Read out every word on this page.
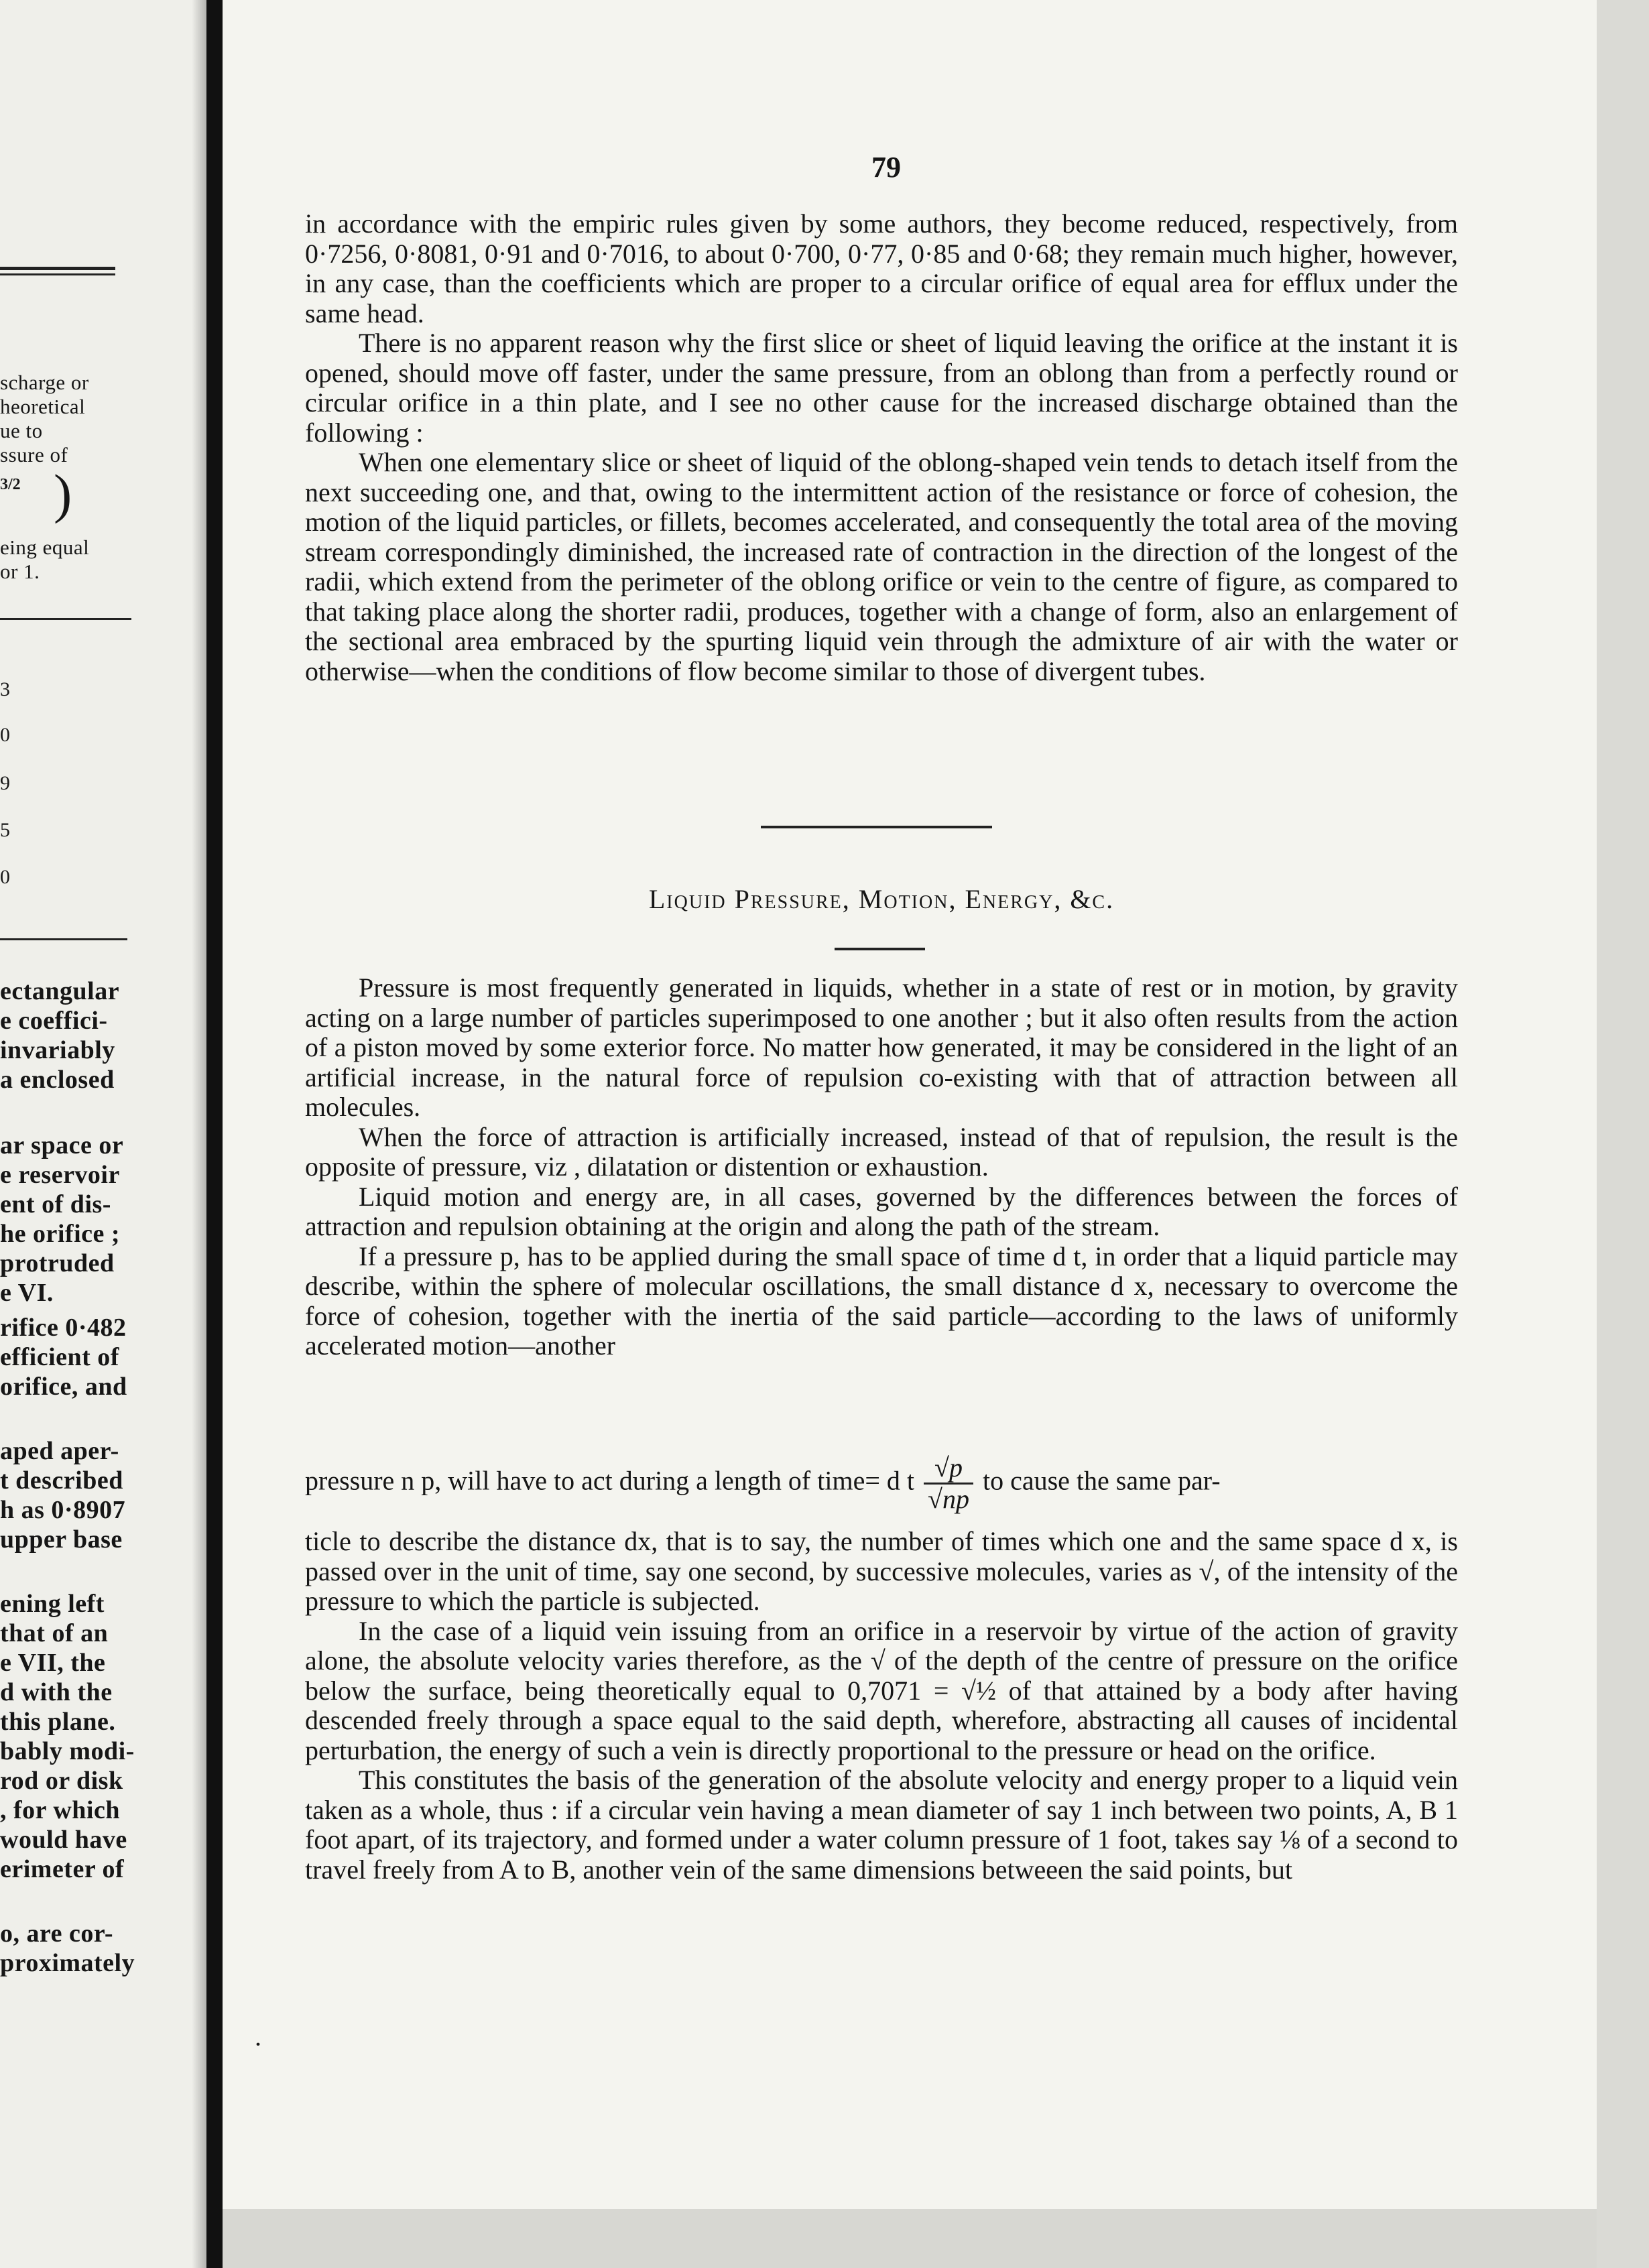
scharge or
heoretical
ue to
ssure of
3/2 )
eing equal
or 1.
3
0
9
5
0
ectangular
e coeffici-
invariably
a enclosed
ar space or
e reservoir
ent of dis-
he orifice ;
protruded
e VI.
rifice 0·482
efficient of
orifice, and
aped aper-
t described
h as 0·8907
upper base
ening left
that of an
e VII, the
d with the
this plane.
bably modi-
rod or disk
, for which
would have
erimeter of
o, are cor-
proximately
79

in accordance with the empiric rules given by some authors, they become reduced, respectively, from 0·7256, 0·8081, 0·91 and 0·7016, to about 0·700, 0·77, 0·85 and 0·68; they remain much higher, however, in any case, than the coefficients which are proper to a circular orifice of equal area for efflux under the same head.

There is no apparent reason why the first slice or sheet of liquid leaving the orifice at the instant it is opened, should move off faster, under the same pressure, from an oblong than from a perfectly round or circular orifice in a thin plate, and I see no other cause for the increased discharge obtained than the following :

When one elementary slice or sheet of liquid of the oblong-shaped vein tends to detach itself from the next succeeding one, and that, owing to the intermittent action of the resistance or force of cohesion, the motion of the liquid particles, or fillets, becomes accelerated, and consequently the total area of the moving stream correspondingly diminished, the increased rate of contraction in the direction of the longest of the radii, which extend from the perimeter of the oblong orifice or vein to the centre of figure, as compared to that taking place along the shorter radii, produces, together with a change of form, also an enlargement of the sectional area embraced by the spurting liquid vein through the admixture of air with the water or otherwise—when the conditions of flow become similar to those of divergent tubes.

Liquid Pressure, Motion, Energy, &c.

Pressure is most frequently generated in liquids, whether in a state of rest or in motion, by gravity acting on a large number of particles superimposed to one another ; but it also often results from the action of a piston moved by some exterior force. No matter how generated, it may be considered in the light of an artificial increase, in the natural force of repulsion co-existing with that of attraction between all molecules.

When the force of attraction is artificially increased, instead of that of repulsion, the result is the opposite of pressure, viz , dilatation or distention or exhaustion.

Liquid motion and energy are, in all cases, governed by the differences between the forces of attraction and repulsion obtaining at the origin and along the path of the stream.

If a pressure p, has to be applied during the small space of time d t, in order that a liquid particle may describe, within the sphere of molecular oscillations, the small distance d x, necessary to overcome the force of cohesion, together with the inertia of the said particle—according to the laws of uniformly accelerated motion—another

pressure n p, will have to act during a length of time= d t $\frac{√p}{√np}$ to cause the same par-

ticle to describe the distance dx, that is to say, the number of times which one and the same space d x, is passed over in the unit of time, say one second, by successive molecules, varies as √, of the intensity of the pressure to which the particle is subjected.

In the case of a liquid vein issuing from an orifice in a reservoir by virtue of the action of gravity alone, the absolute velocity varies therefore, as the √ of the depth of the centre of pressure on the orifice below the surface, being theoretically equal to 0,7071 = √½ of that attained by a body after having descended freely through a space equal to the said depth, wherefore, abstracting all causes of incidental perturbation, the energy of such a vein is directly proportional to the pressure or head on the orifice.

This constitutes the basis of the generation of the absolute velocity and energy proper to a liquid vein taken as a whole, thus : if a circular vein having a mean diameter of say 1 inch between two points, A, B 1 foot apart, of its trajectory, and formed under a water column pressure of 1 foot, takes say ⅛ of a second to travel freely from A to B, another vein of the same dimensions betweeen the said points, but

.
